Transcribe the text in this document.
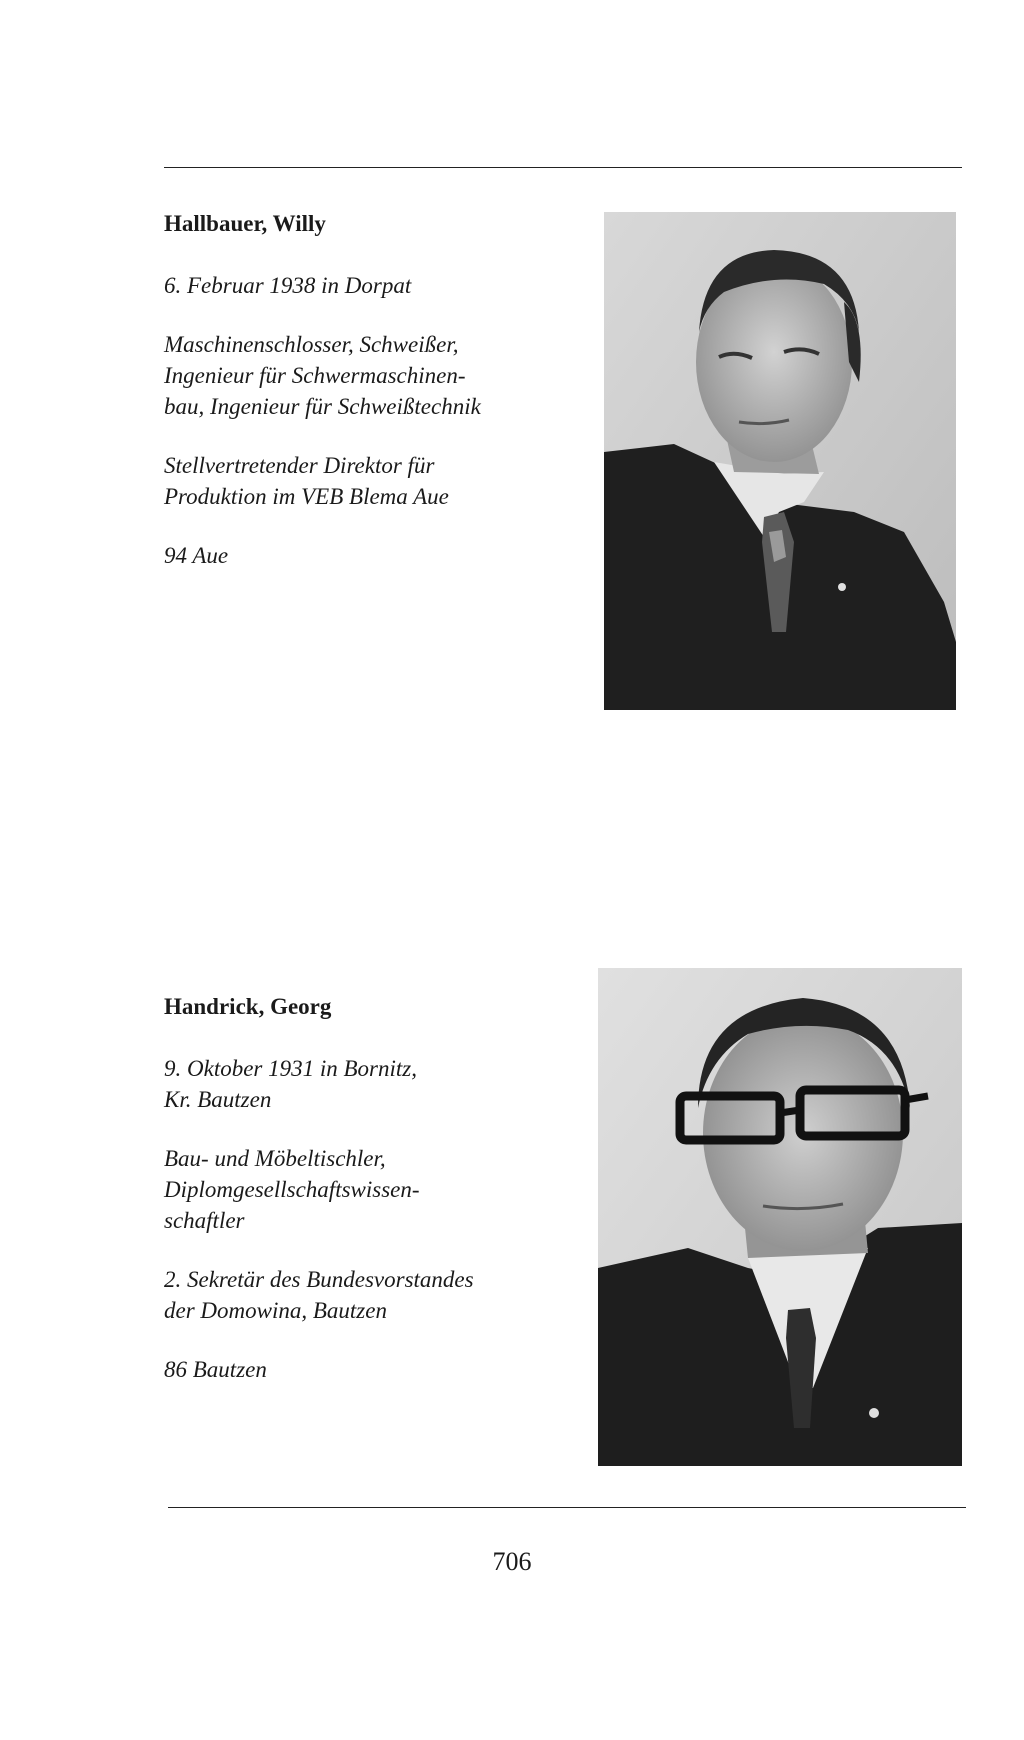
Hallbauer, Willy

6. Februar 1938 in Dorpat
Maschinenschlosser, Schweißer,
Ingenieur für Schwermaschinen-
bau, Ingenieur für Schweißtechnik
Stellvertretender Direktor für
Produktion im VEB Blema Aue
94 Aue

Handrick, Georg

9. Oktober 1931 in Bornitz,
Kr. Bautzen
Bau- und Möbeltischler,
Diplomgesellschaftswissen-
schaftler
2. Sekretär des Bundesvorstandes
der Domowina, Bautzen
86 Bautzen
706
